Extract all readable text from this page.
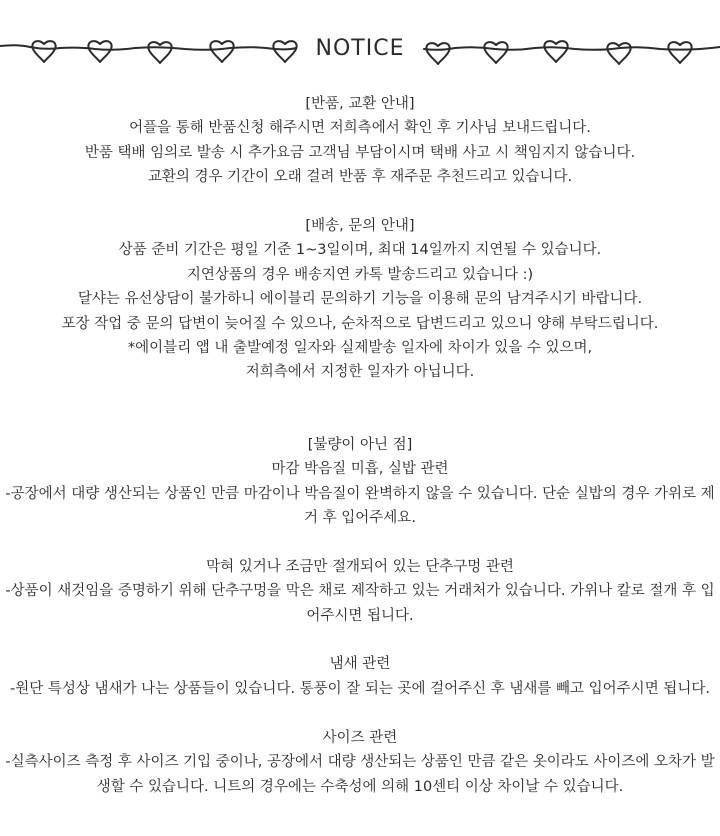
NOTICE
[반품, 교환 안내]
어플을 통해 반품신청 해주시면 저희측에서 확인 후 기사님 보내드립니다.
반품 택배 임의로 발송 시 추가요금 고객님 부담이시며 택배 사고 시 책임지지 않습니다.
교환의 경우 기간이 오래 걸려 반품 후 재주문 추천드리고 있습니다.
[배송, 문의 안내]
상품 준비 기간은 평일 기준 1~3일이며, 최대 14일까지 지연될 수 있습니다.
지연상품의 경우 배송지연 카톡 발송드리고 있습니다 :)
달샤는 유선상담이 불가하니 에이블리 문의하기 기능을 이용해 문의 남겨주시기 바랍니다.
포장 작업 중 문의 답변이 늦어질 수 있으나, 순차적으로 답변드리고 있으니 양해 부탁드립니다.
*에이블리 앱 내 출발예정 일자와 실제발송 일자에 차이가 있을 수 있으며,
저희측에서 지정한 일자가 아닙니다.
[불량이 아닌 점]
마감 박음질 미흡, 실밥 관련
-공장에서 대량 생산되는 상품인 만큼 마감이나 박음질이 완벽하지 않을 수 있습니다. 단순 실밥의 경우 가위로 제거 후 입어주세요.
막혀 있거나 조금만 절개되어 있는 단추구멍 관련
-상품이 새것임을 증명하기 위해 단추구멍을 막은 채로 제작하고 있는 거래처가 있습니다. 가위나 칼로 절개 후 입어주시면 됩니다.
냄새 관련
-원단 특성상 냄새가 나는 상품들이 있습니다. 통풍이 잘 되는 곳에 걸어주신 후 냄새를 빼고 입어주시면 됩니다.
사이즈 관련
-실측사이즈 측정 후 사이즈 기입 중이나, 공장에서 대량 생산되는 상품인 만큼 같은 옷이라도 사이즈에 오차가 발생할 수 있습니다. 니트의 경우에는 수축성에 의해 10센티 이상 차이날 수 있습니다.
